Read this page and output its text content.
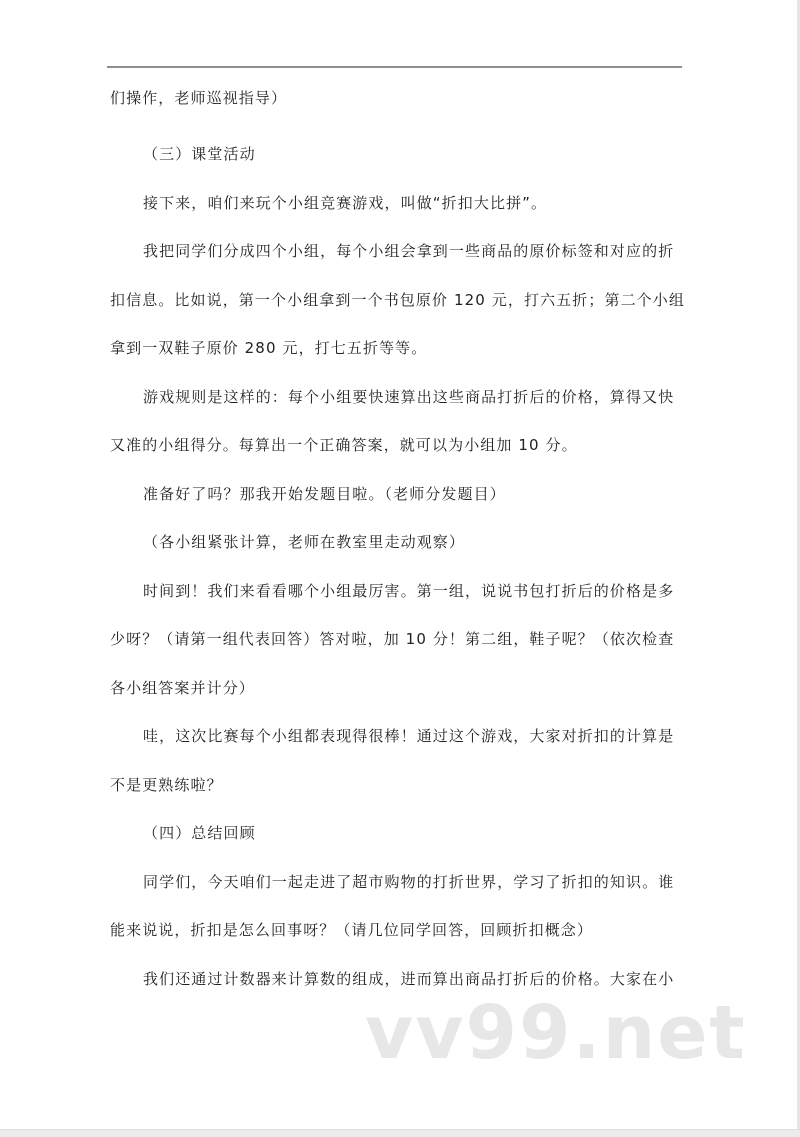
们操作，老师巡视指导）

（三）课堂活动

接下来，咱们来玩个小组竞赛游戏，叫做“折扣大比拼”。

我把同学们分成四个小组，每个小组会拿到一些商品的原价标签和对应的折扣信息。比如说，第一个小组拿到一个书包原价 120 元，打六五折；第二个小组拿到一双鞋子原价 280 元，打七五折等等。

游戏规则是这样的：每个小组要快速算出这些商品打折后的价格，算得又快又准的小组得分。每算出一个正确答案，就可以为小组加 10 分。

准备好了吗？那我开始发题目啦。（老师分发题目）

（各小组紧张计算，老师在教室里走动观察）

时间到！我们来看看哪个小组最厉害。第一组，说说书包打折后的价格是多少呀？（请第一组代表回答）答对啦，加 10 分！第二组，鞋子呢？（依次检查各小组答案并计分）

哇，这次比赛每个小组都表现得很棒！通过这个游戏，大家对折扣的计算是不是更熟练啦？

（四）总结回顾

同学们，今天咱们一起走进了超市购物的打折世界，学习了折扣的知识。谁能来说说，折扣是怎么回事呀？（请几位同学回答，回顾折扣概念）

我们还通过计数器来计算数的组成，进而算出商品打折后的价格。大家在小

vv99.net
